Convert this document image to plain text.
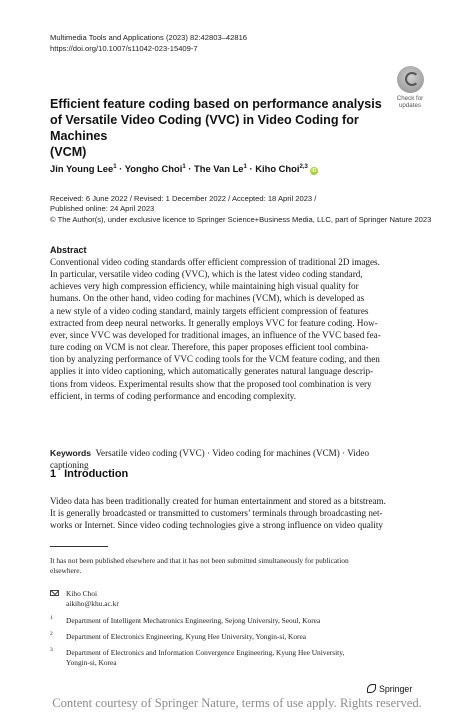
Multimedia Tools and Applications (2023) 82:42803–42816
https://doi.org/10.1007/s11042-023-15409-7
Check for
updates
Efficient feature coding based on performance analysis
of Versatile Video Coding (VVC) in Video Coding for Machines
(VCM)
Jin Young Lee$^1$ · Yongho Choi$^1$ · The Van $Le^1$ · Kiho Choi$^{2,3}$iD
Received: 6 June 2022 / Revised: 1 December 2022 / Accepted: 18 April 2023 /
Published online: 24 April 2023
© The Author(s), under exclusive licence to Springer Science+Business Media, LLC, part of Springer Nature 2023
Abstract
Conventional video coding standards offer efficient compression of traditional 2D images.
In particular, versatile video coding (VVC), which is the latest video coding standard,
achieves very high compression efficiency, while maintaining high visual quality for
humans. On the other hand, video coding for machines (VCM), which is developed as
a new style of a video coding standard, mainly targets efficient compression of features
extracted from deep neural networks. It generally employs VVC for feature coding. How-
ever, since VVC was developed for traditional images, an influence of the VVC based fea-
ture coding on VCM is not clear. Therefore, this paper proposes efficient tool combina-
tion by analyzing performance of VVC coding tools for the VCM feature coding, and then
applies it into video captioning, which automatically generates natural language descrip-
tions from videos. Experimental results show that the proposed tool combination is very
efficient, in terms of coding performance and encoding complexity.
Keywords Versatile video coding (VVC) · Video coding for machines (VCM) · Video
captioning
1 Introduction
Video data has been traditionally created for human entertainment and stored as a bitstream.
It is generally broadcasted or transmitted to customers’ terminals through broadcasting net-
works or Internet. Since video coding technologies give a strong influence on video quality
It has not been published elsewhere and that it has not been submitted simultaneously for publication
elsewhere.
Kiho Choi
aikiho@khu.ac.kr
1 Department of Intelligent Mechatronics Engineering, Sejong University, Seoul, Korea
2 Department of Electronics Engineering, Kyung Hee University, Yongin-si, Korea
3 Department of Electronics and Information Convergence Engineering, Kyung Hee University,
Yongin-si, Korea
Springer
Content courtesy of Springer Nature, terms of use apply. Rights reserved.
